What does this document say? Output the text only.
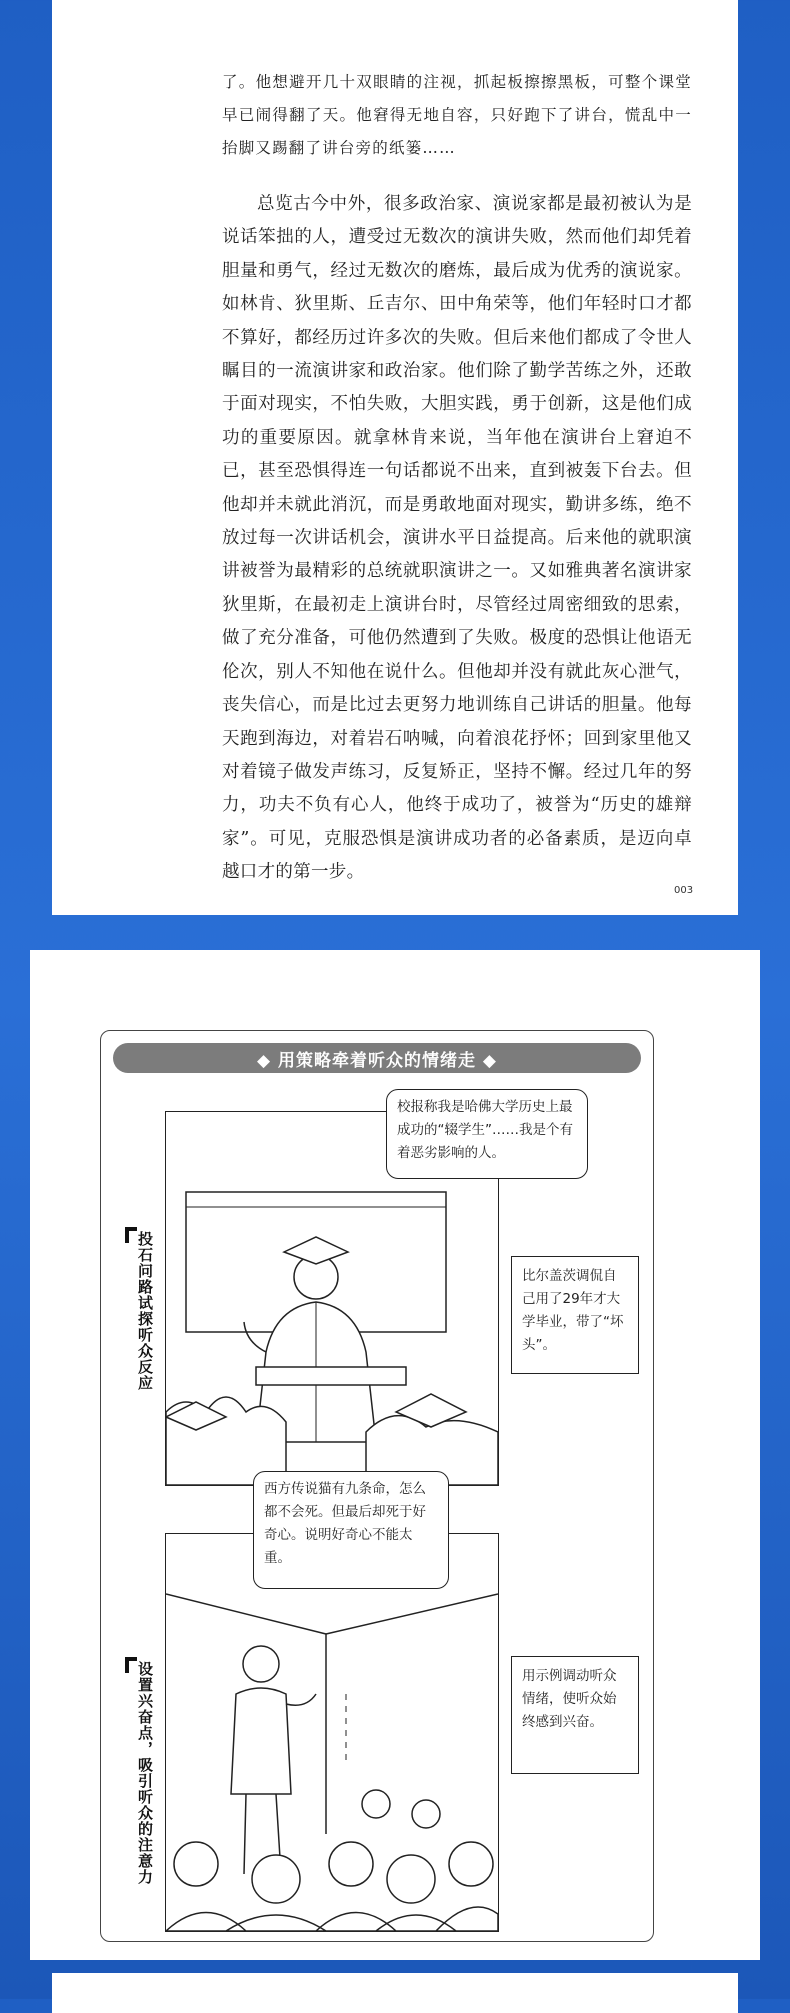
了。他想避开几十双眼睛的注视，抓起板擦擦黑板，可整个课堂早已闹得翻了天。他窘得无地自容，只好跑下了讲台，慌乱中一抬脚又踢翻了讲台旁的纸篓……

总览古今中外，很多政治家、演说家都是最初被认为是说话笨拙的人，遭受过无数次的演讲失败，然而他们却凭着胆量和勇气，经过无数次的磨炼，最后成为优秀的演说家。如林肯、狄里斯、丘吉尔、田中角荣等，他们年轻时口才都不算好，都经历过许多次的失败。但后来他们都成了令世人瞩目的一流演讲家和政治家。他们除了勤学苦练之外，还敢于面对现实，不怕失败，大胆实践，勇于创新，这是他们成功的重要原因。就拿林肯来说，当年他在演讲台上窘迫不已，甚至恐惧得连一句话都说不出来，直到被轰下台去。但他却并未就此消沉，而是勇敢地面对现实，勤讲多练，绝不放过每一次讲话机会，演讲水平日益提高。后来他的就职演讲被誉为最精彩的总统就职演讲之一。又如雅典著名演讲家狄里斯，在最初走上演讲台时，尽管经过周密细致的思索，做了充分准备，可他仍然遭到了失败。极度的恐惧让他语无伦次，别人不知他在说什么。但他却并没有就此灰心泄气，丧失信心，而是比过去更努力地训练自己讲话的胆量。他每天跑到海边，对着岩石呐喊，向着浪花抒怀；回到家里他又对着镜子做发声练习，反复矫正，坚持不懈。经过几年的努力，功夫不负有心人，他终于成功了，被誉为“历史的雄辩家”。可见，克服恐惧是演讲成功者的必备素质，是迈向卓越口才的第一步。

003
◆ 用策略牵着听众的情绪走 ◆
投石问路试探听众反应
校报称我是哈佛大学历史上最成功的“辍学生”……我是个有着恶劣影响的人。
比尔盖茨调侃自己用了29年才大学毕业，带了“坏头”。
设置兴奋点，吸引听众的注意力
西方传说猫有九条命，怎么都不会死。但最后却死于好奇心。说明好奇心不能太重。
用示例调动听众情绪，使听众始终感到兴奋。
